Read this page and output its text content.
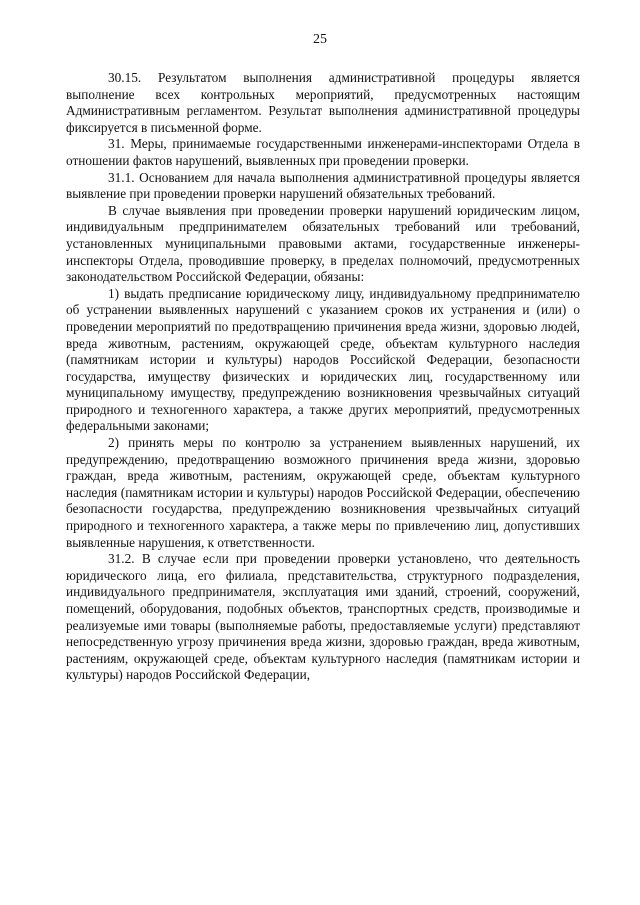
25

30.15. Результатом выполнения административной процедуры является выполнение всех контрольных мероприятий, предусмотренных настоящим Административным регламентом. Результат выполнения административной процедуры фиксируется в письменной форме.

31. Меры, принимаемые государственными инженерами-инспекторами Отдела в отношении фактов нарушений, выявленных при проведении проверки.

31.1. Основанием для начала выполнения административной процедуры является выявление при проведении проверки нарушений обязательных требований.

В случае выявления при проведении проверки нарушений юридическим лицом, индивидуальным предпринимателем обязательных требований или требований, установленных муниципальными правовыми актами, государственные инженеры-инспекторы Отдела, проводившие проверку, в пределах полномочий, предусмотренных законодательством Российской Федерации, обязаны:

1) выдать предписание юридическому лицу, индивидуальному предпринимателю об устранении выявленных нарушений с указанием сроков их устранения и (или) о проведении мероприятий по предотвращению причинения вреда жизни, здоровью людей, вреда животным, растениям, окружающей среде, объектам культурного наследия (памятникам истории и культуры) народов Российской Федерации, безопасности государства, имуществу физических и юридических лиц, государственному или муниципальному имуществу, предупреждению возникновения чрезвычайных ситуаций природного и техногенного характера, а также других мероприятий, предусмотренных федеральными законами;

2) принять меры по контролю за устранением выявленных нарушений, их предупреждению, предотвращению возможного причинения вреда жизни, здоровью граждан, вреда животным, растениям, окружающей среде, объектам культурного наследия (памятникам истории и культуры) народов Российской Федерации, обеспечению безопасности государства, предупреждению возникновения чрезвычайных ситуаций природного и техногенного характера, а также меры по привлечению лиц, допустивших выявленные нарушения, к ответственности.

31.2. В случае если при проведении проверки установлено, что деятельность юридического лица, его филиала, представительства, структурного подразделения, индивидуального предпринимателя, эксплуатация ими зданий, строений, сооружений, помещений, оборудования, подобных объектов, транспортных средств, производимые и реализуемые ими товары (выполняемые работы, предоставляемые услуги) представляют непосредственную угрозу причинения вреда жизни, здоровью граждан, вреда животным, растениям, окружающей среде, объектам культурного наследия (памятникам истории и культуры) народов Российской Федерации,
